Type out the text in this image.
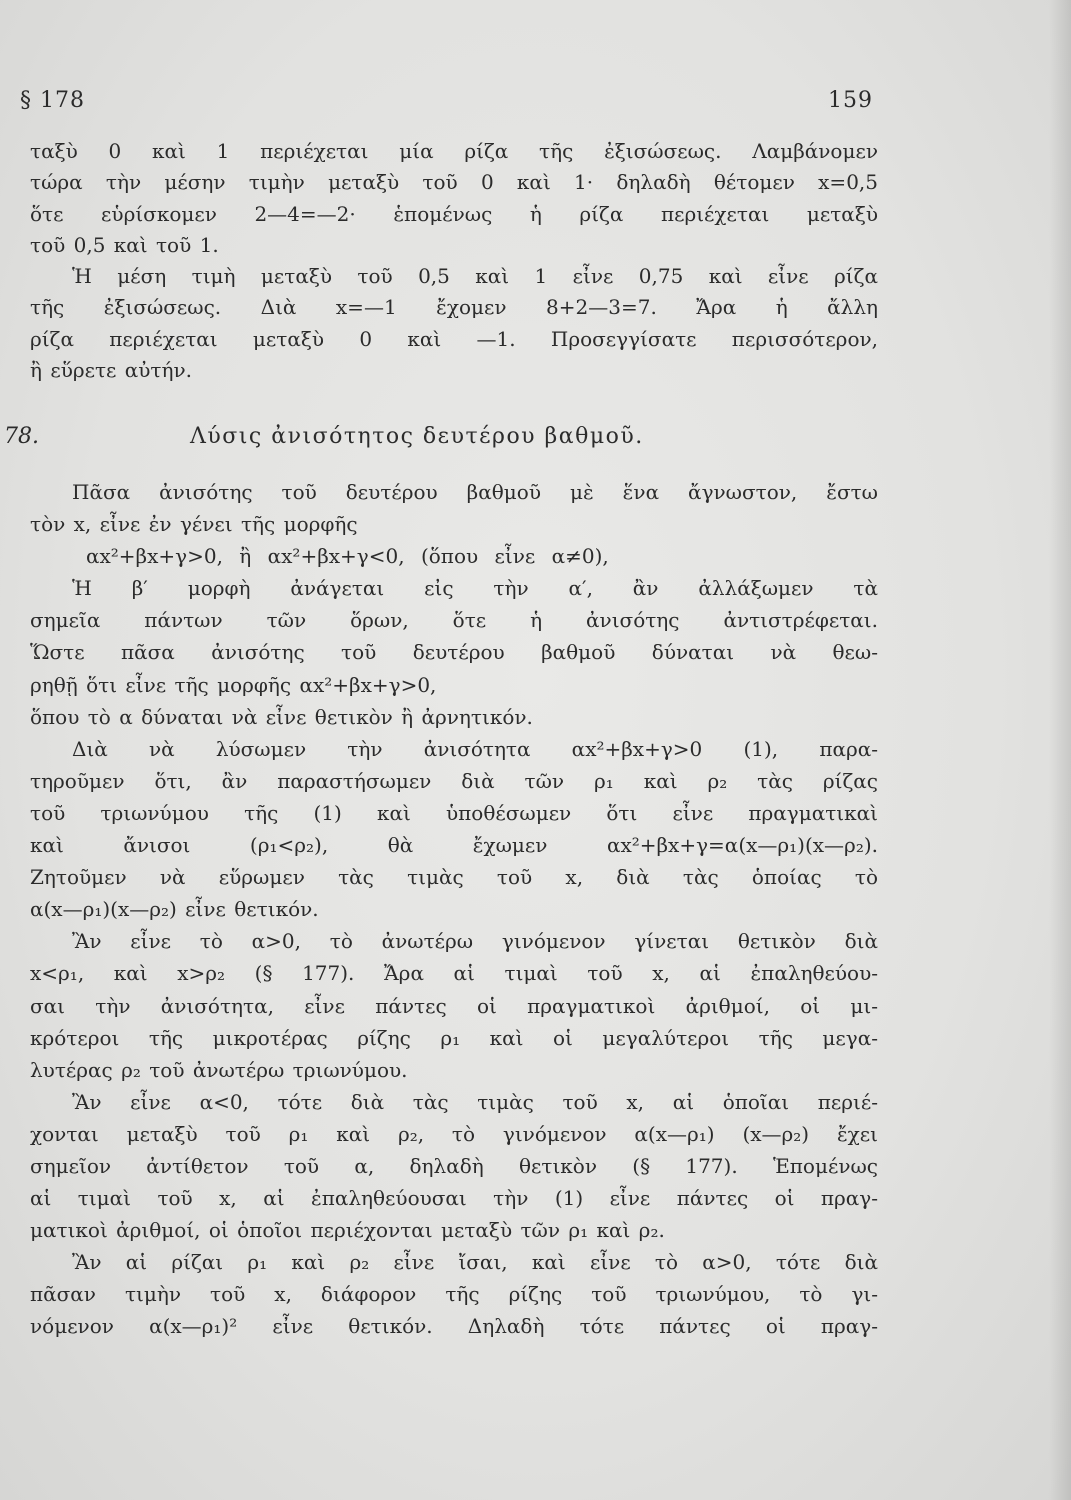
§ 178	159
ταξὺ 0 καὶ 1 περιέχεται μία ρίζα τῆς ἐξισώσεως. Λαμβάνομεν
τώρα τὴν μέσην τιμὴν μεταξὺ τοῦ 0 καὶ 1· δηλαδὴ θέτομεν x=0,5
ὅτε εὑρίσκομεν 2—4=—2· ἑπομένως ἡ ρίζα περιέχεται μεταξὺ
τοῦ 0,5 καὶ τοῦ 1.
Ἡ μέση τιμὴ μεταξὺ τοῦ 0,5 καὶ 1 εἶνε 0,75 καὶ εἶνε ρίζα
τῆς ἐξισώσεως. Διὰ x=—1 ἔχομεν 8+2—3=7. Ἄρα ἡ ἄλλη
ρίζα περιέχεται μεταξὺ 0 καὶ —1. Προσεγγίσατε περισσότερον,
ἢ εὕρετε αὐτήν.
78.	Λύσις ἀνισότητος δευτέρου βαθμοῦ.
Πᾶσα ἀνισότης τοῦ δευτέρου βαθμοῦ μὲ ἕνα ἄγνωστον, ἔστω
τὸν x, εἶνε ἐν γένει τῆς μορφῆς
αx²+βx+γ>0, ἢ αx²+βx+γ<0, (ὅπου εἶνε α≠0),
Ἡ β′ μορφὴ ἀνάγεται εἰς τὴν α′, ἂν ἀλλάξωμεν τὰ
σημεῖα πάντων τῶν ὅρων, ὅτε ἡ ἀνισότης ἀντιστρέφεται.
Ὥστε πᾶσα ἀνισότης τοῦ δευτέρου βαθμοῦ δύναται νὰ θεω-
ρηθῇ ὅτι εἶνε τῆς μορφῆς αx²+βx+γ>0,
ὅπου τὸ α δύναται νὰ εἶνε θετικὸν ἢ ἀρνητικόν.
Διὰ νὰ λύσωμεν τὴν ἀνισότητα αx²+βx+γ>0 (1), παρα-
τηροῦμεν ὅτι, ἂν παραστήσωμεν διὰ τῶν ρ₁ καὶ ρ₂ τὰς ρίζας
τοῦ τριωνύμου τῆς (1) καὶ ὑποθέσωμεν ὅτι εἶνε πραγματικαὶ
καὶ ἄνισοι (ρ₁<ρ₂), θὰ ἔχωμεν αx²+βx+γ=α(x—ρ₁)(x—ρ₂).
Ζητοῦμεν νὰ εὕρωμεν τὰς τιμὰς τοῦ x, διὰ τὰς ὁποίας τὸ
α(x—ρ₁)(x—ρ₂) εἶνε θετικόν.
Ἂν εἶνε τὸ α>0, τὸ ἀνωτέρω γινόμενον γίνεται θετικὸν διὰ
x<ρ₁, καὶ x>ρ₂ (§ 177). Ἄρα αἱ τιμαὶ τοῦ x, αἱ ἐπαληθεύου-
σαι τὴν ἀνισότητα, εἶνε πάντες οἱ πραγματικοὶ ἀριθμοί, οἱ μι-
κρότεροι τῆς μικροτέρας ρίζης ρ₁ καὶ οἱ μεγαλύτεροι τῆς μεγα-
λυτέρας ρ₂ τοῦ ἀνωτέρω τριωνύμου.
Ἂν εἶνε α<0, τότε διὰ τὰς τιμὰς τοῦ x, αἱ ὁποῖαι περιέ-
χονται μεταξὺ τοῦ ρ₁ καὶ ρ₂, τὸ γινόμενον α(x—ρ₁) (x—ρ₂) ἔχει
σημεῖον ἀντίθετον τοῦ α, δηλαδὴ θετικὸν (§ 177). Ἑπομένως
αἱ τιμαὶ τοῦ x, αἱ ἐπαληθεύουσαι τὴν (1) εἶνε πάντες οἱ πραγ-
ματικοὶ ἀριθμοί, οἱ ὁποῖοι περιέχονται μεταξὺ τῶν ρ₁ καὶ ρ₂.
Ἂν αἱ ρίζαι ρ₁ καὶ ρ₂ εἶνε ἴσαι, καὶ εἶνε τὸ α>0, τότε διὰ
πᾶσαν τιμὴν τοῦ x, διάφορον τῆς ρίζης τοῦ τριωνύμου, τὸ γι-
νόμενον α(x—ρ₁)² εἶνε θετικόν. Δηλαδὴ τότε πάντες οἱ πραγ-
